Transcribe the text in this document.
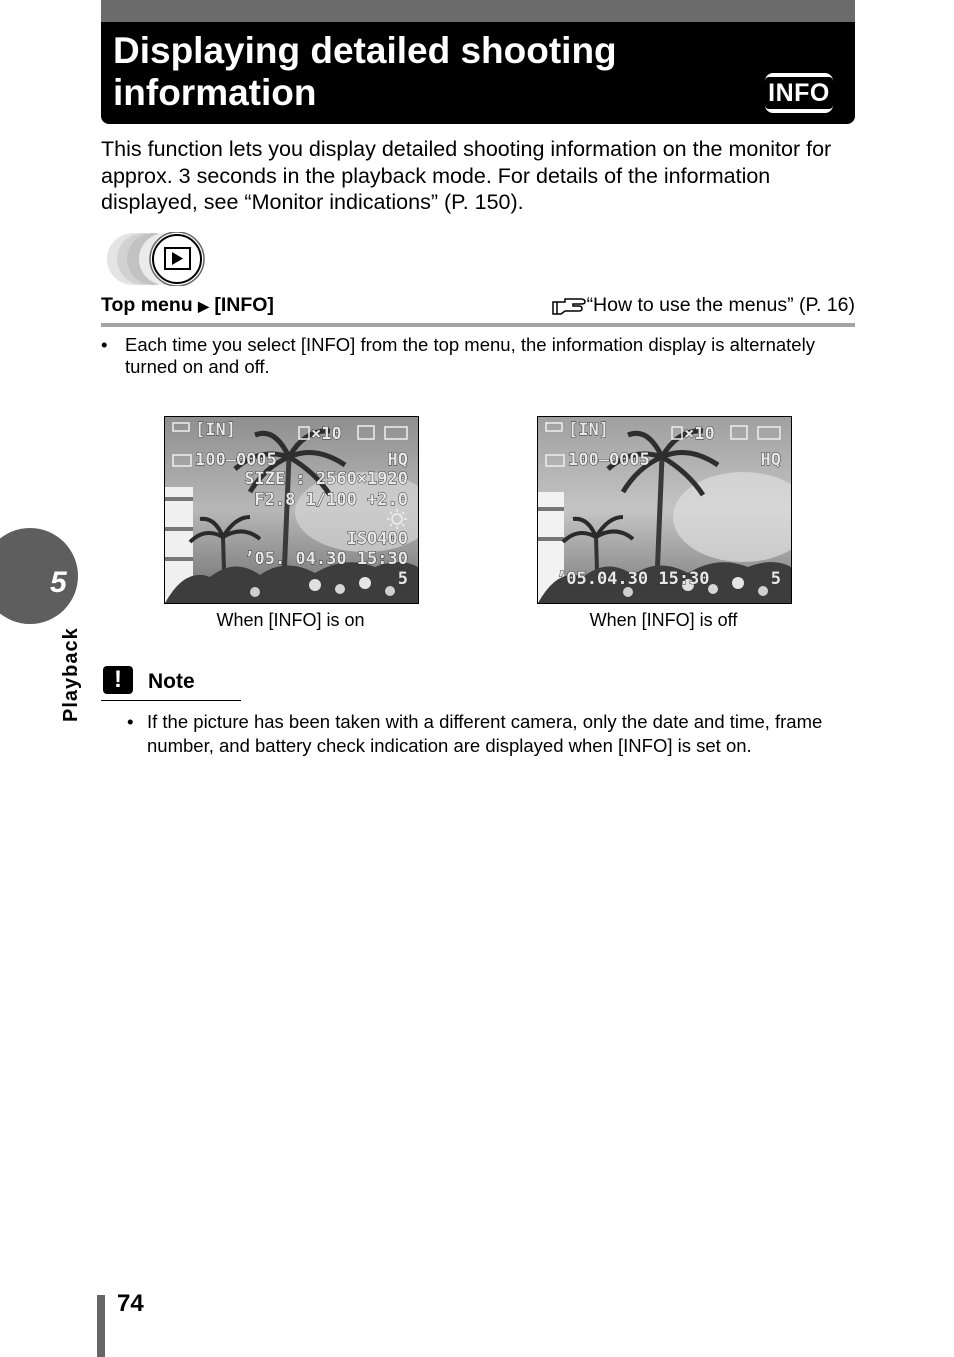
Displaying detailed shooting information	INFO

This function lets you display detailed shooting information on the monitor for approx. 3 seconds in the playback mode. For details of the information displayed, see “Monitor indications” (P. 150).

Top menu ▶ [INFO]	“How to use the menus” (P. 16)
• Each time you select [INFO] from the top menu, the information display is alternately turned on and off.
[IN]	×10
100–0005	HQ
SIZE : 2560×1920
F2.8 1/100 +2.0
ISO400
’05. 04.30 15:30
5
When [INFO] is on
[IN]	×10
100–0005	HQ
’05.04.30 15:30	5
When [INFO] is off
!	Note
• If the picture has been taken with a different camera, only the date and time, frame number, and battery check indication are displayed when [INFO] is set on.
5
Playback
74
